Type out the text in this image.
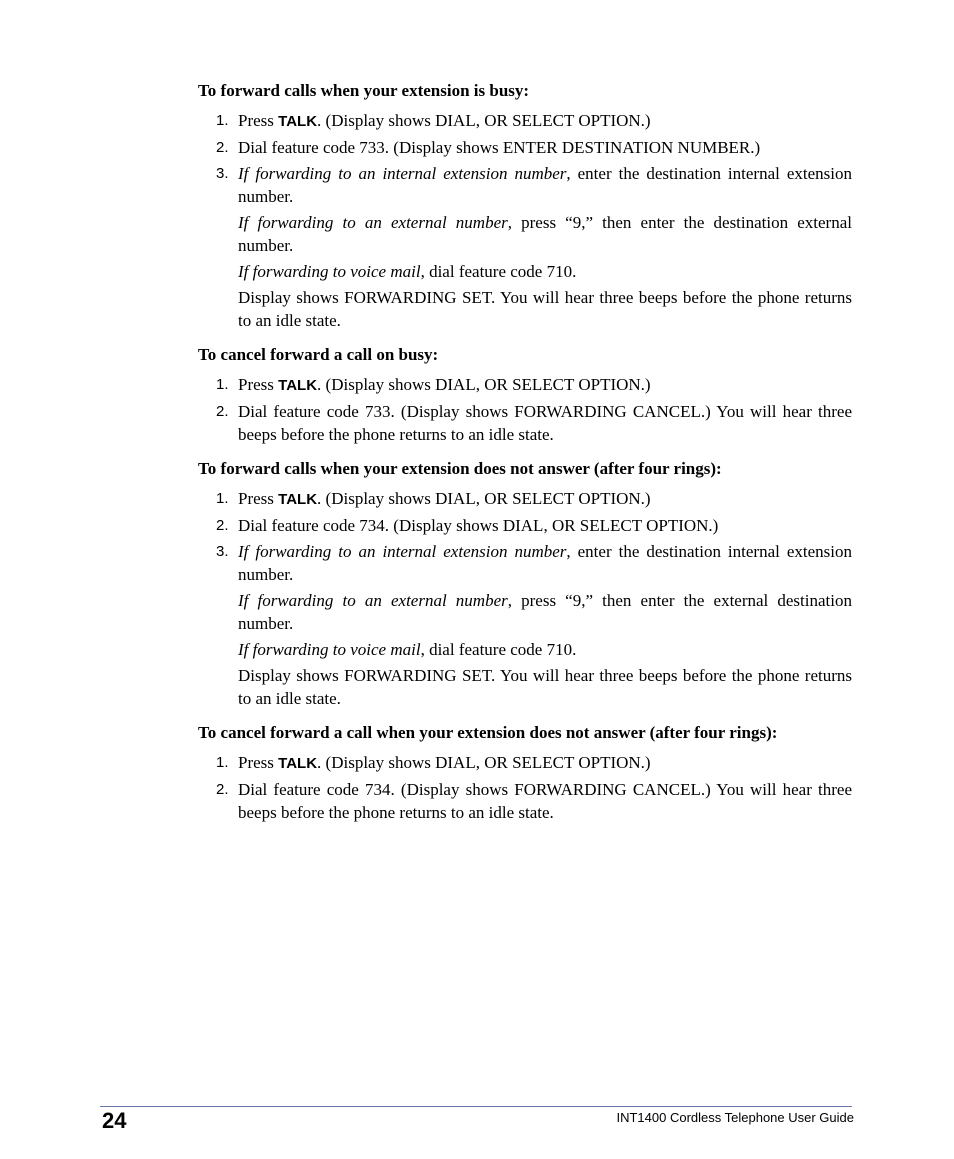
To forward calls when your extension is busy:

1. Press TALK. (Display shows DIAL, OR SELECT OPTION.)
2. Dial feature code 733. (Display shows ENTER DESTINATION NUMBER.)
3. If forwarding to an internal extension number, enter the destination internal extension number.

If forwarding to an external number, press “9,” then enter the destination external number.

If forwarding to voice mail, dial feature code 710.

Display shows FORWARDING SET. You will hear three beeps before the phone returns to an idle state.

To cancel forward a call on busy:

1. Press TALK. (Display shows DIAL, OR SELECT OPTION.)
2. Dial feature code 733. (Display shows FORWARDING CANCEL.) You will hear three beeps before the phone returns to an idle state.

To forward calls when your extension does not answer (after four rings):

1. Press TALK. (Display shows DIAL, OR SELECT OPTION.)
2. Dial feature code 734. (Display shows DIAL, OR SELECT OPTION.)
3. If forwarding to an internal extension number, enter the destination internal extension number.

If forwarding to an external number, press “9,” then enter the external destination number.

If forwarding to voice mail, dial feature code 710.

Display shows FORWARDING SET. You will hear three beeps before the phone returns to an idle state.

To cancel forward a call when your extension does not answer (after four rings):

1. Press TALK. (Display shows DIAL, OR SELECT OPTION.)
2. Dial feature code 734. (Display shows FORWARDING CANCEL.) You will hear three beeps before the phone returns to an idle state.
24	INT1400 Cordless Telephone User Guide
